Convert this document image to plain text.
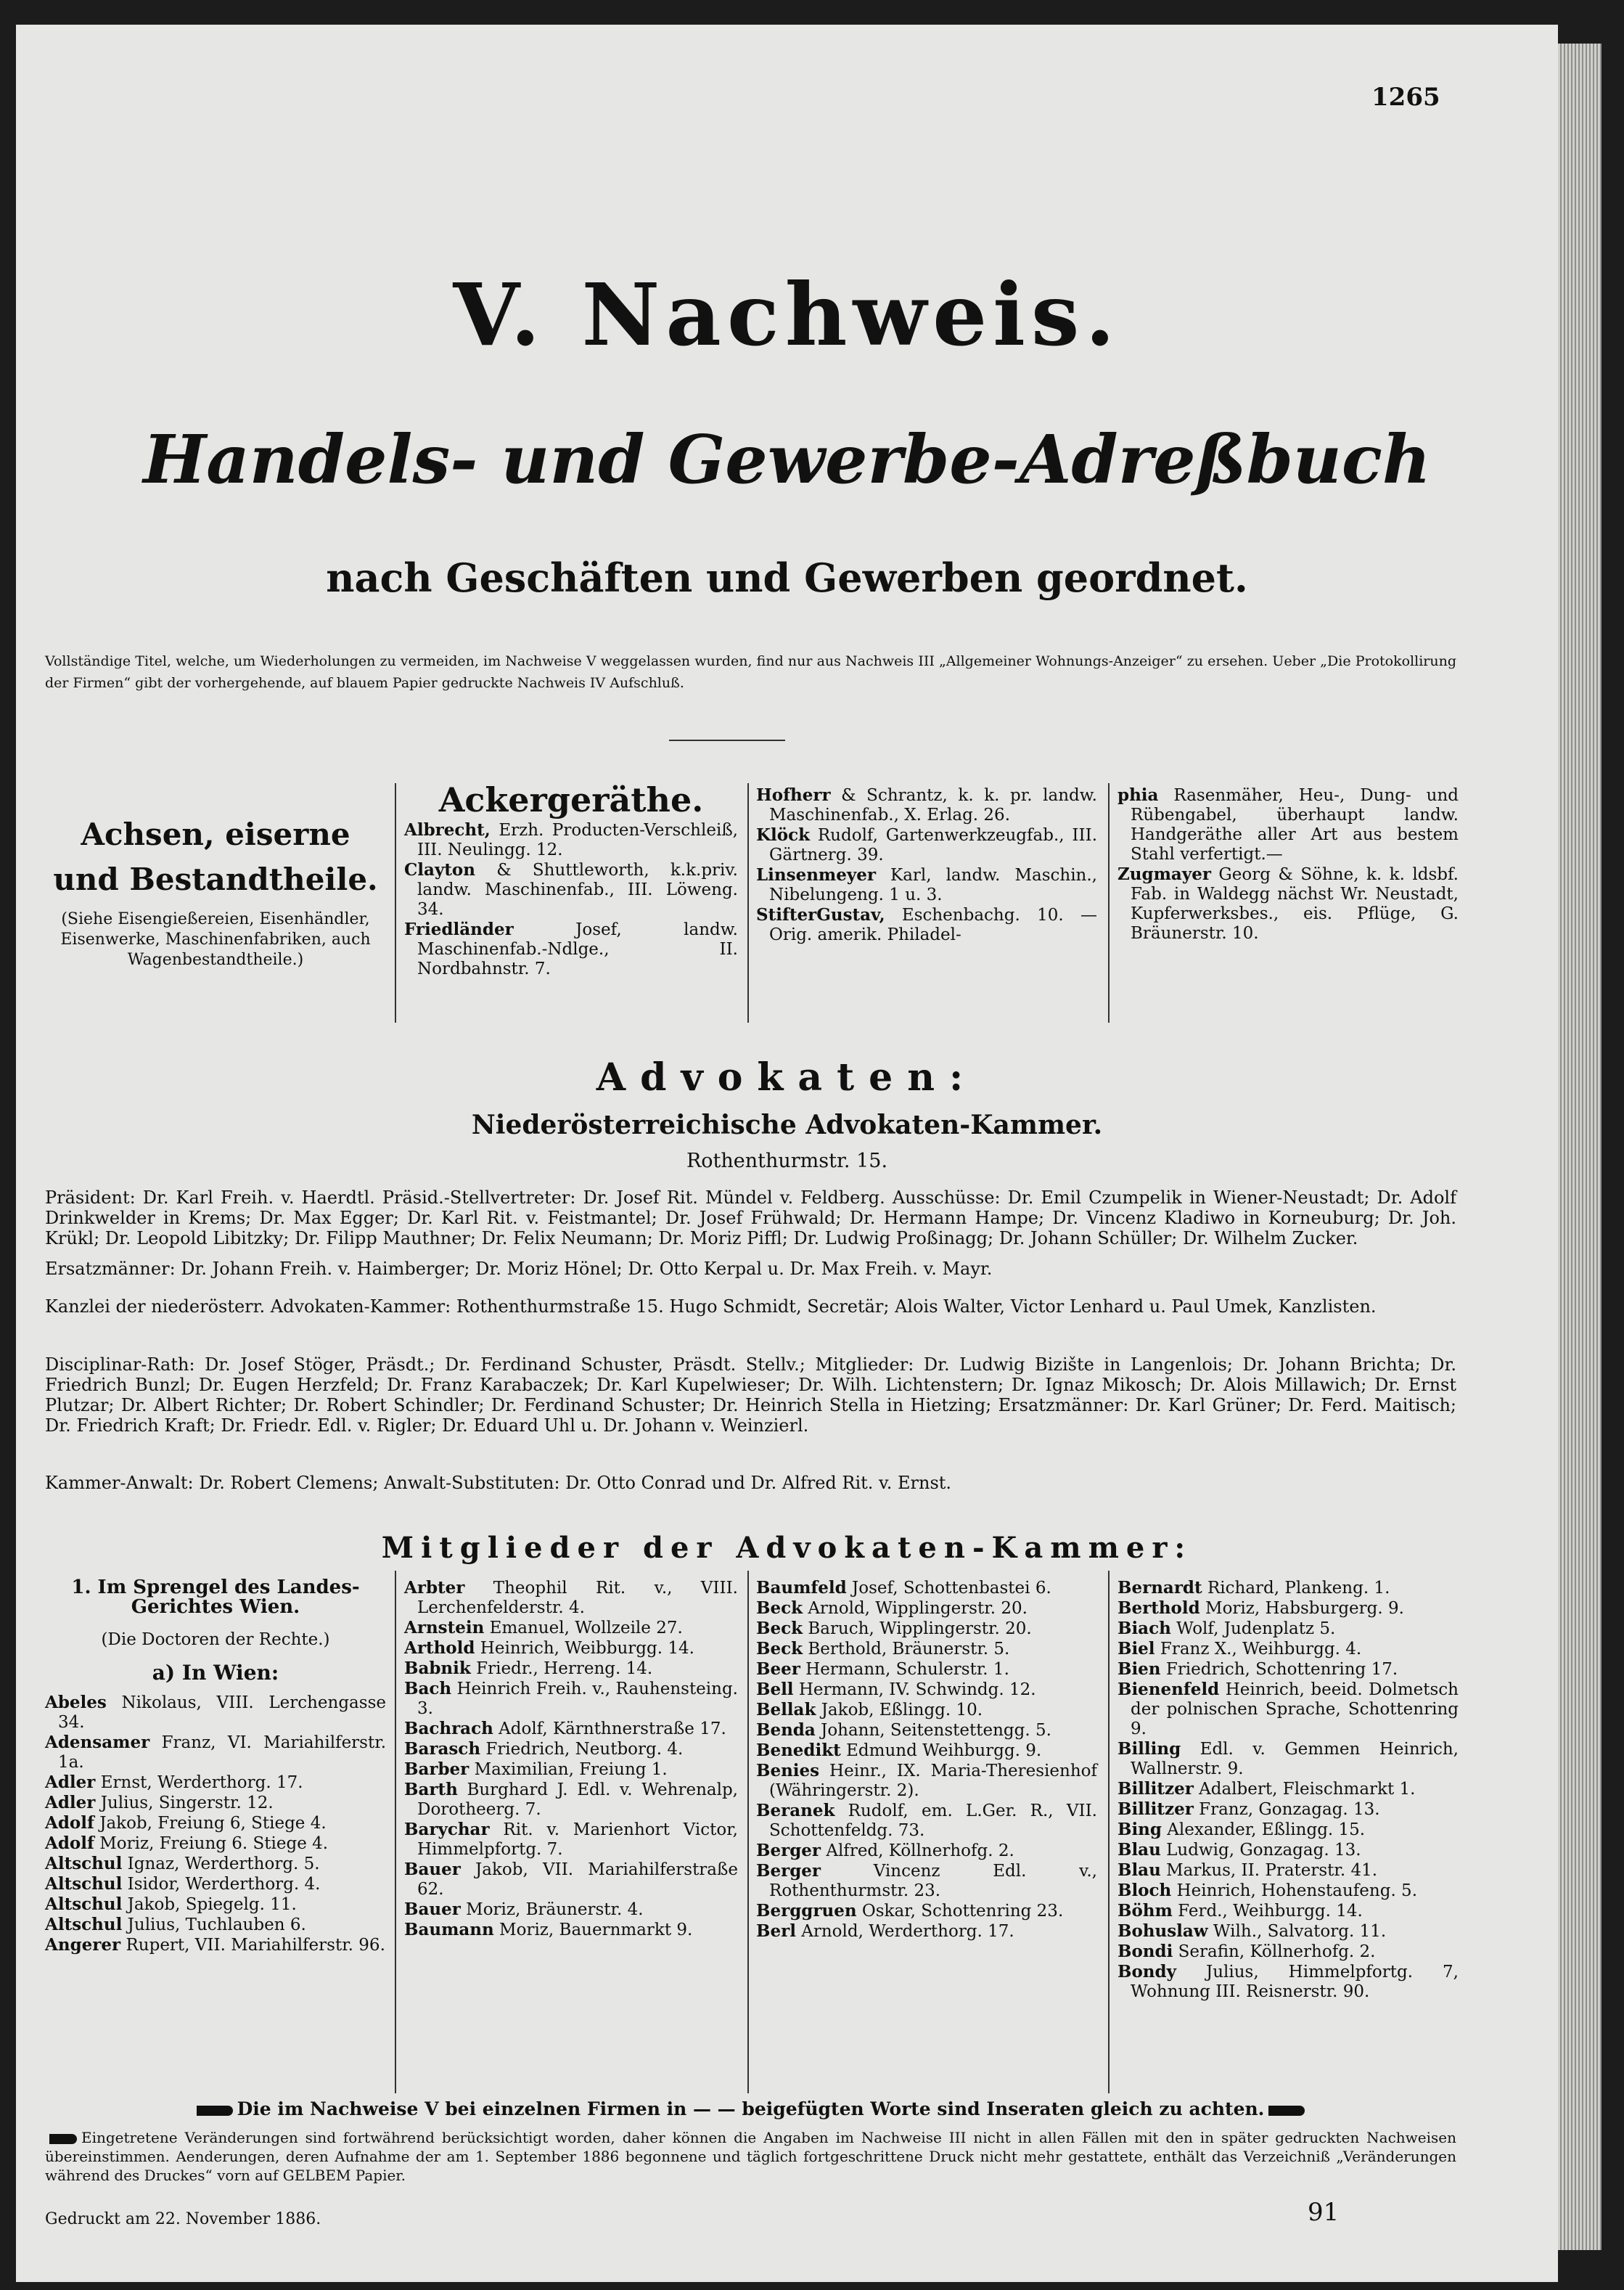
1265
V. Nachweis.
Handels- und Gewerbe-Adreßbuch
nach Geschäften und Gewerben geordnet.
Vollständige Titel, welche, um Wiederholungen zu vermeiden, im Nachweise V weggelassen wurden, find nur aus Nachweis III „Allgemeiner Wohnungs-Anzeiger“ zu ersehen. Ueber „Die Protokollirung der Firmen“ gibt der vorhergehende, auf blauem Papier gedruckte Nachweis IV Aufschluß.
Achsen, eiserne und Bestandtheile.
(Siehe Eisengießereien, Eisenhändler, Eisenwerke, Maschinenfabriken, auch Wagenbestandtheile.)
Ackergeräthe.

Albrecht, Erzh. Producten-Verschleiß, III. Neulingg. 12.

Clayton & Shuttleworth, k.k.priv. landw. Maschinenfab., III. Löweng. 34.

Friedländer Josef, landw. Maschinenfab.-Ndlge., II. Nordbahnstr. 7.

Hofherr & Schrantz, k. k. pr. landw. Maschinenfab., X. Erlag. 26.

Klöck Rudolf, Gartenwerkzeugfab., III. Gärtnerg. 39.

Linsenmeyer Karl, landw. Maschin., Nibelungeng. 1 u. 3.

StifterGustav, Eschenbachg. 10. —Orig. amerik. Philadel-

phia Rasenmäher, Heu-, Dung- und Rübengabel, überhaupt landw. Handgeräthe aller Art aus bestem Stahl verfertigt.—

Zugmayer Georg & Söhne, k. k. ldsbf. Fab. in Waldegg nächst Wr. Neustadt, Kupferwerksbes., eis. Pflüge, G. Bräunerstr. 10.

Advokaten:
Niederösterreichische Advokaten-Kammer.
Rothenthurmstr. 15.
Präsident: Dr. Karl Freih. v. Haerdtl. Präsid.-Stellvertreter: Dr. Josef Rit. Mündel v. Feldberg. Ausschüsse: Dr. Emil Czumpelik in Wiener-Neustadt; Dr. Adolf Drinkwelder in Krems; Dr. Max Egger; Dr. Karl Rit. v. Feistmantel; Dr. Josef Frühwald; Dr. Hermann Hampe; Dr. Vincenz Kladiwo in Korneuburg; Dr. Joh. Krükl; Dr. Leopold Libitzky; Dr. Filipp Mauthner; Dr. Felix Neumann; Dr. Moriz Piffl; Dr. Ludwig Proßinagg; Dr. Johann Schüller; Dr. Wilhelm Zucker.
Ersatzmänner: Dr. Johann Freih. v. Haimberger; Dr. Moriz Hönel; Dr. Otto Kerpal u. Dr. Max Freih. v. Mayr.
Kanzlei der niederösterr. Advokaten-Kammer: Rothenthurmstraße 15. Hugo Schmidt, Secretär; Alois Walter, Victor Lenhard u. Paul Umek, Kanzlisten.
Disciplinar-Rath: Dr. Josef Stöger, Präsdt.; Dr. Ferdinand Schuster, Präsdt. Stellv.; Mitglieder: Dr. Ludwig Bizište in Langenlois; Dr. Johann Brichta; Dr. Friedrich Bunzl; Dr. Eugen Herzfeld; Dr. Franz Karabaczek; Dr. Karl Kupelwieser; Dr. Wilh. Lichtenstern; Dr. Ignaz Mikosch; Dr. Alois Millawich; Dr. Ernst Plutzar; Dr. Albert Richter; Dr. Robert Schindler; Dr. Ferdinand Schuster; Dr. Heinrich Stella in Hietzing; Ersatzmänner: Dr. Karl Grüner; Dr. Ferd. Maitisch; Dr. Friedrich Kraft; Dr. Friedr. Edl. v. Rigler; Dr. Eduard Uhl u. Dr. Johann v. Weinzierl.
Kammer-Anwalt: Dr. Robert Clemens; Anwalt-Substituten: Dr. Otto Conrad und Dr. Alfred Rit. v. Ernst.
Mitglieder der Advokaten-Kammer:

1. Im Sprengel des Landes-

Gerichtes Wien.

(Die Doctoren der Rechte.)

a) In Wien:

Abeles Nikolaus, VIII. Lerchengasse 34.

Adensamer Franz, VI. Mariahilferstr. 1a.

Adler Ernst, Werderthorg. 17.

Adler Julius, Singerstr. 12.

Adolf Jakob, Freiung 6, Stiege 4.

Adolf Moriz, Freiung 6. Stiege 4.

Altschul Ignaz, Werderthorg. 5.

Altschul Isidor, Werderthorg. 4.

Altschul Jakob, Spiegelg. 11.

Altschul Julius, Tuchlauben 6.

Angerer Rupert, VII. Mariahilferstr. 96.

Arbter Theophil Rit. v., VIII. Lerchenfelderstr. 4.

Arnstein Emanuel, Wollzeile 27.

Arthold Heinrich, Weibburgg. 14.

Babnik Friedr., Herreng. 14.

Bach Heinrich Freih. v., Rauhensteing. 3.

Bachrach Adolf, Kärnthnerstraße 17.

Barasch Friedrich, Neutborg. 4.

Barber Maximilian, Freiung 1.

Barth Burghard J. Edl. v. Wehrenalp, Dorotheerg. 7.

Barychar Rit. v. Marienhort Victor, Himmelpfortg. 7.

Bauer Jakob, VII. Mariahilferstraße 62.

Bauer Moriz, Bräunerstr. 4.

Baumann Moriz, Bauernmarkt 9.

Baumfeld Josef, Schottenbastei 6.

Beck Arnold, Wipplingerstr. 20.

Beck Baruch, Wipplingerstr. 20.

Beck Berthold, Bräunerstr. 5.

Beer Hermann, Schulerstr. 1.

Bell Hermann, IV. Schwindg. 12.

Bellak Jakob, Eßlingg. 10.

Benda Johann, Seitenstettengg. 5.

Benedikt Edmund Weihburgg. 9.

Benies Heinr., IX. Maria-Theresienhof (Währingerstr. 2).

Beranek Rudolf, em. L.Ger. R., VII. Schottenfeldg. 73.

Berger Alfred, Köllnerhofg. 2.

Berger Vincenz Edl. v., Rothenthurmstr. 23.

Berggruen Oskar, Schottenring 23.

Berl Arnold, Werderthorg. 17.

Bernardt Richard, Plankeng. 1.

Berthold Moriz, Habsburgerg. 9.

Biach Wolf, Judenplatz 5.

Biel Franz X., Weihburgg. 4.

Bien Friedrich, Schottenring 17.

Bienenfeld Heinrich, beeid. Dolmetsch der polnischen Sprache, Schottenring 9.

Billing Edl. v. Gemmen Heinrich, Wallnerstr. 9.

Billitzer Adalbert, Fleischmarkt 1.

Billitzer Franz, Gonzagag. 13.

Bing Alexander, Eßlingg. 15.

Blau Ludwig, Gonzagag. 13.

Blau Markus, II. Praterstr. 41.

Bloch Heinrich, Hohenstaufeng. 5.

Böhm Ferd., Weihburgg. 14.

Bohuslaw Wilh., Salvatorg. 11.

Bondi Serafin, Köllnerhofg. 2.

Bondy Julius, Himmelpfortg. 7, Wohnung III. Reisnerstr. 90.

Die im Nachweise V bei einzelnen Firmen in — — beigefügten Worte sind Inseraten gleich zu achten.
Eingetretene Veränderungen sind fortwährend berücksichtigt worden, daher können die Angaben im Nachweise III nicht in allen Fällen mit den in später gedruckten Nachweisen übereinstimmen. Aenderungen, deren Aufnahme der am 1. September 1886 begonnene und täglich fortgeschrittene Druck nicht mehr gestattete, enthält das Verzeichniß „Veränderungen während des Druckes“ vorn auf GELBEM Papier.
Gedruckt am 22. November 1886.	91
